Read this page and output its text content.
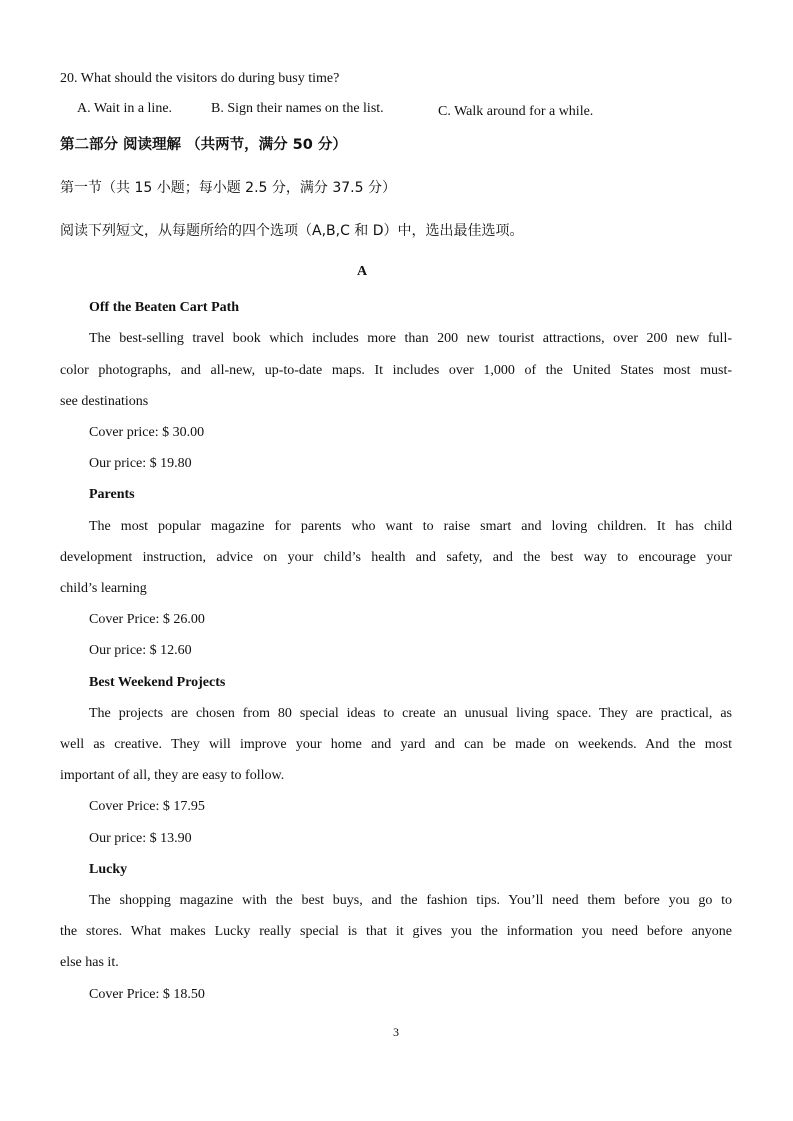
20. What should the visitors do during busy time?
A. Wait in a line.	B. Sign their names on the list.	C. Walk around for a while.
第二部分 阅读理解 （共两节，满分 50 分）
第一节（共 15 小题；每小题 2.5 分，满分 37.5 分）
阅读下列短文，从每题所给的四个选项（A,B,C 和 D）中，选出最佳选项。
A
Off the Beaten Cart Path
The best-selling travel book which includes more than 200 new tourist attractions, over 200 new full-
color photographs, and all-new, up-to-date maps. It includes over 1,000 of the United States most must-
see destinations
Cover price: $ 30.00
Our price: $ 19.80
Parents
The most popular magazine for parents who want to raise smart and loving children. It has child
development instruction, advice on your child’s health and safety, and the best way to encourage your
child’s learning
Cover Price: $ 26.00
Our price: $ 12.60
Best Weekend Projects
The projects are chosen from 80 special ideas to create an unusual living space. They are practical, as
well as creative. They will improve your home and yard and can be made on weekends. And the most
important of all, they are easy to follow.
Cover Price: $ 17.95
Our price: $ 13.90
Lucky
The shopping magazine with the best buys, and the fashion tips. You’ll need them before you go to
the stores. What makes Lucky really special is that it gives you the information you need before anyone
else has it.
Cover Price: $ 18.50
3
